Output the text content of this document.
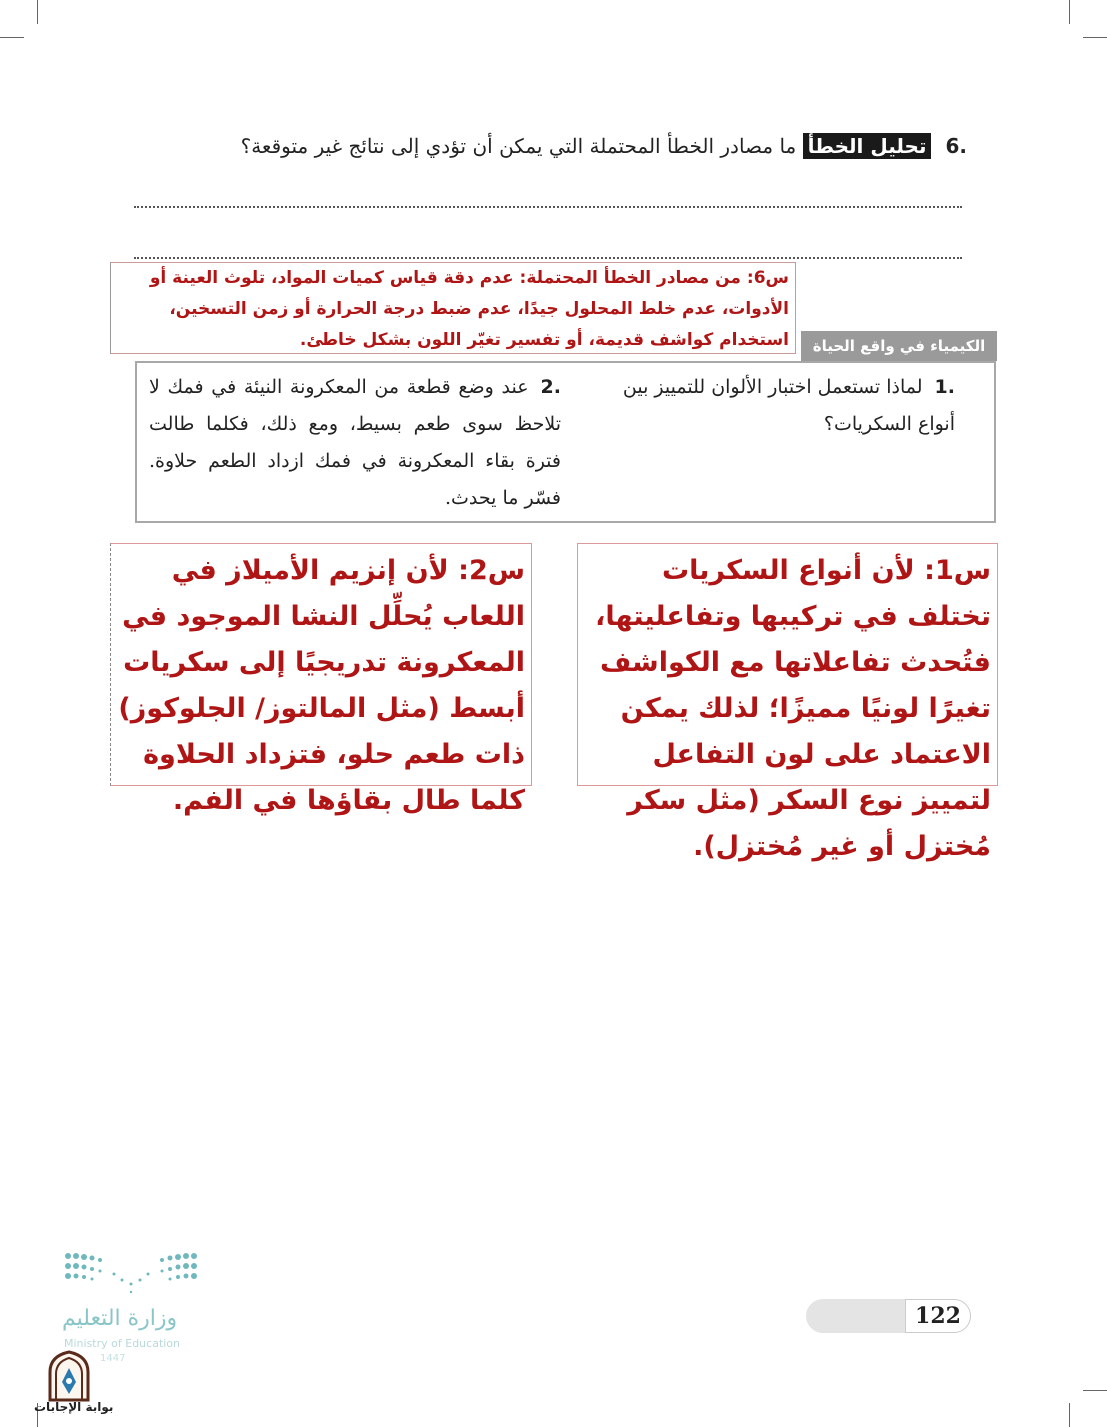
.6تحليل الخطأ ما مصادر الخطأ المحتملة التي يمكن أن تؤدي إلى نتائج غير متوقعة؟
س6: من مصادر الخطأ المحتملة: عدم دقة قياس كميات المواد، تلوث العينة أو الأدوات، عدم خلط المحلول جيدًا، عدم ضبط درجة الحرارة أو زمن التسخين، استخدام كواشف قديمة، أو تفسير تغيّر اللون بشكل خاطئ.	الكيمياء في واقع الحياة
.1لماذا تستعمل اختبار الألوان للتمييز بين أنواع السكريات؟
.2عند وضع قطعة من المعكرونة النيئة في فمك لا تلاحظ سوى طعم بسيط، ومع ذلك، فكلما طالت فترة بقاء المعكرونة في فمك ازداد الطعم حلاوة. فسّر ما يحدث.
س1: لأن أنواع السكريات تختلف في تركيبها وتفاعليتها، فتُحدث تفاعلاتها مع الكواشف تغيرًا لونيًا مميزًا؛ لذلك يمكن الاعتماد على لون التفاعل لتمييز نوع السكر (مثل سكر مُختزل أو غير مُختزل).
س2: لأن إنزيم الأميلاز في اللعاب يُحلِّل النشا الموجود في المعكرونة تدريجيًا إلى سكريات أبسط (مثل المالتوز/ الجلوكوز) ذات طعم حلو، فتزداد الحلاوة كلما طال بقاؤها في الفم.
وزارة التعليم
Ministry of Education
1447
122
بوابة الإجابات
